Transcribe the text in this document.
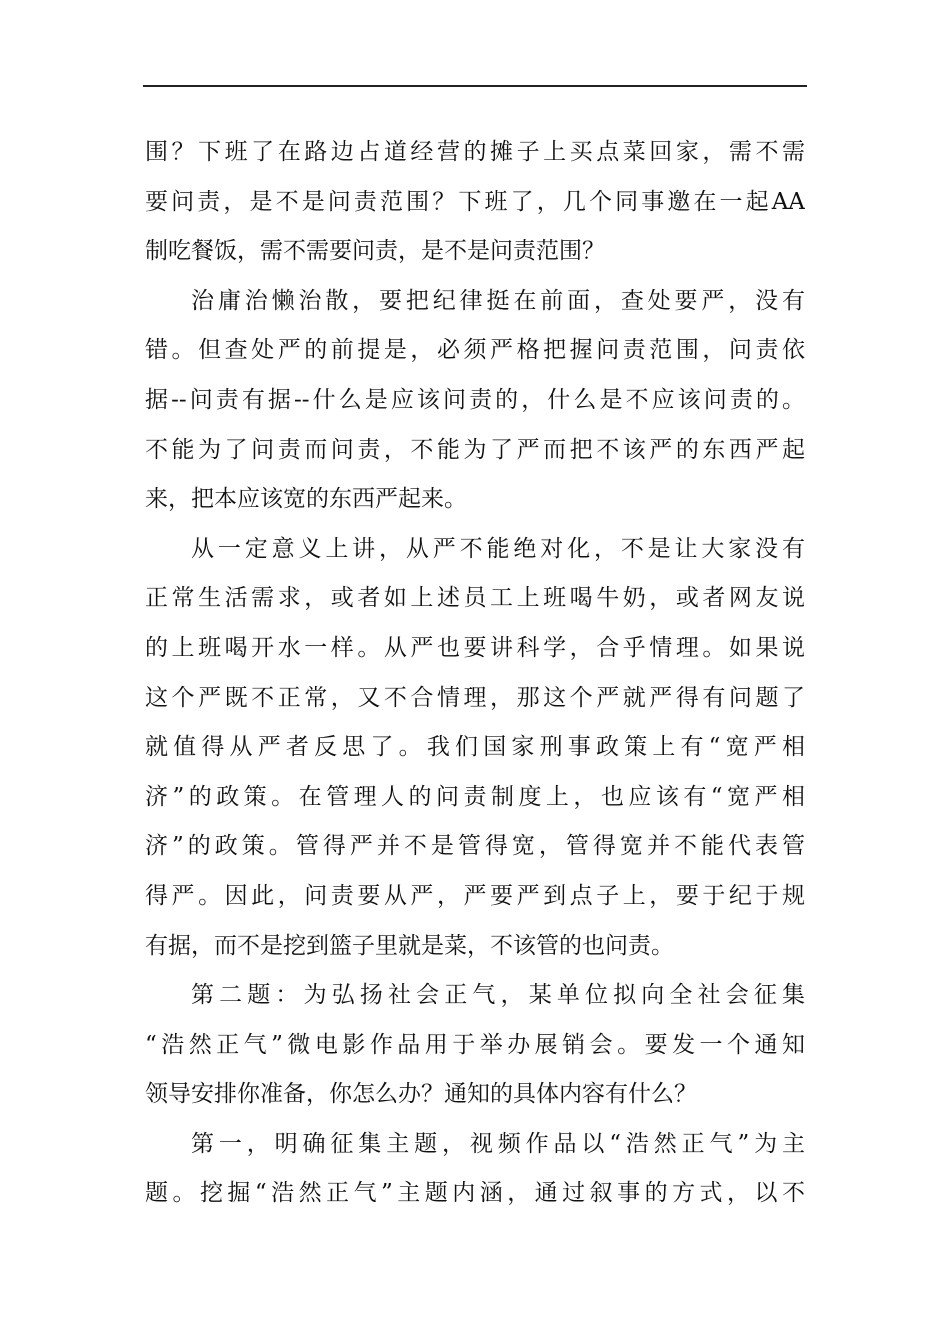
围？下班了在路边占道经营的摊子上买点菜回家，需不需
要问责，是不是问责范围？下班了，几个同事邀在一起AA
制吃餐饭，需不需要问责，是不是问责范围？
治庸治懒治散，要把纪律挺在前面，查处要严，没有
错。但查处严的前提是，必须严格把握问责范围，问责依
据--问责有据--什么是应该问责的，什么是不应该问责的。
不能为了问责而问责，不能为了严而把不该严的东西严起
来，把本应该宽的东西严起来。
从一定意义上讲，从严不能绝对化，不是让大家没有
正常生活需求，或者如上述员工上班喝牛奶，或者网友说
的上班喝开水一样。从严也要讲科学，合乎情理。如果说
这个严既不正常，又不合情理，那这个严就严得有问题了
就值得从严者反思了。我们国家刑事政策上有“宽严相
济”的政策。在管理人的问责制度上，也应该有“宽严相
济”的政策。管得严并不是管得宽，管得宽并不能代表管
得严。因此，问责要从严，严要严到点子上，要于纪于规
有据，而不是挖到篮子里就是菜，不该管的也问责。
第二题：为弘扬社会正气，某单位拟向全社会征集
“浩然正气”微电影作品用于举办展销会。要发一个通知
领导安排你准备，你怎么办？通知的具体内容有什么？
第一，明确征集主题，视频作品以“浩然正气”为主
题。挖掘“浩然正气”主题内涵，通过叙事的方式，以不
